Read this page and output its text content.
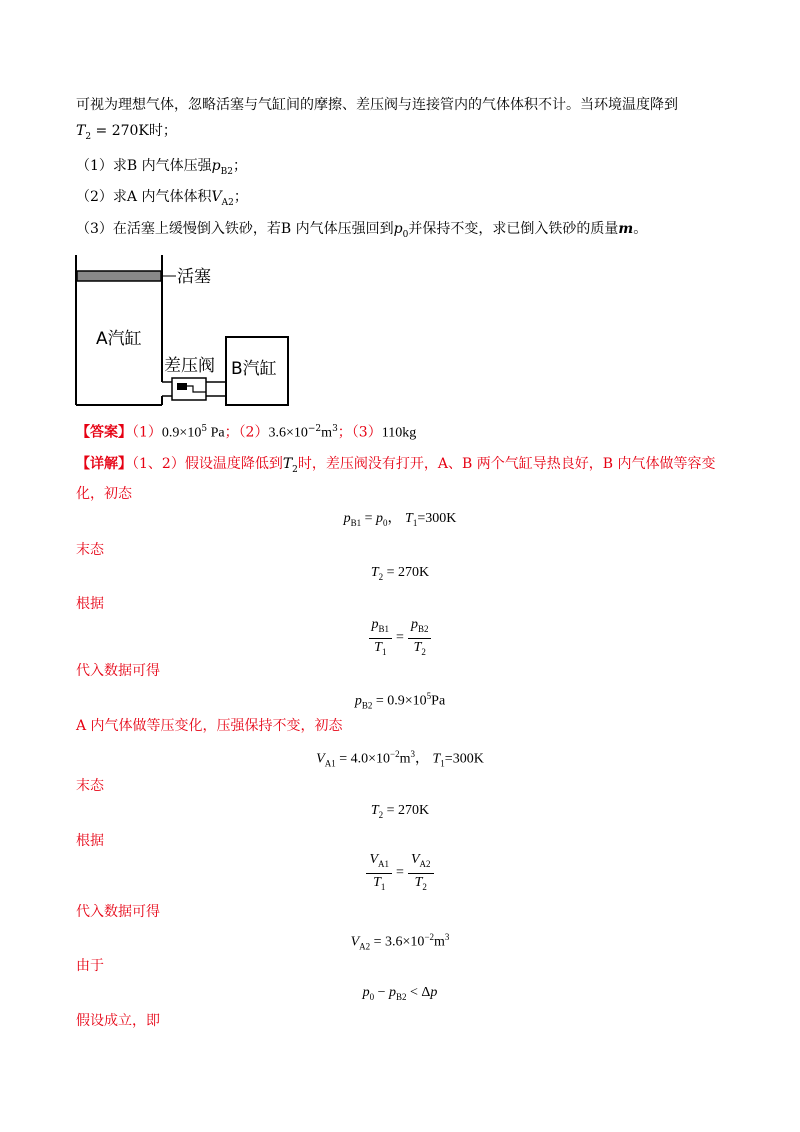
可视为理想气体，忽略活塞与气缸间的摩擦、差压阀与连接管内的气体体积不计。当环境温度降到
$T_2 = 270K$时；
（1）求B 内气体压强$p_{B2}$；
（2）求A 内气体体积$V_{A2}$；
（3）在活塞上缓慢倒入铁砂，若B 内气体压强回到$p_0$并保持不变，求已倒入铁砂的质量m。
活塞
A汽缸
差压阀 B汽缸
【答案】$(1)0.9\times 10^5$ Pa；$(2)3.6\times 10^{-2}m^3$；（3）110kg
【详解】（1、2）假设温度降低到$T_2$时，差压阀没有打开，A、B 两个气缸导热良好，B 内气体做等容变
化，初态
$p_{B1} = p_0$， $T_1=300K$
末态
$T_2 = 270K$
根据
$\frac{p_{B1}}{T_1} = \frac{p_{B2}}{T_2}$
代入数据可得
$p_{B2} = 0.9\times 10^5Pa$
A 内气体做等压变化，压强保持不变，初态
$V_{A1} = 4.0\times 10^{-2}m^3$， $T_1=300K$
末态
$T_2 = 270K$
根据
$\frac{V_{A1}}{T_1} = \frac{V_{A2}}{T_2}$
代入数据可得
$V_{A2} = 3.6\times 10^{-2}m^3$
由于
$p_0 - p_{B2} < \Delta p$
假设成立，即
